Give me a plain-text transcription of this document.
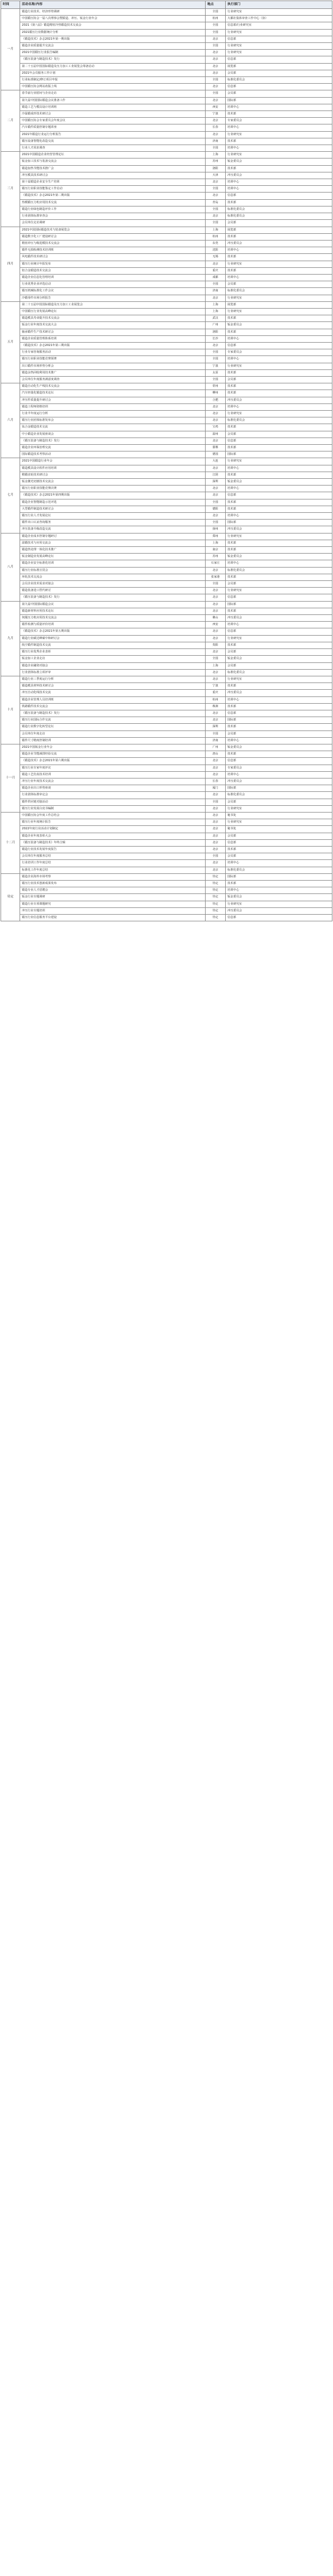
时间	活动名称/内容	地点	执行部门
一月	锻造行业技术、经济形势调研	全国	行业研究室
	中国锻压协会一届八次理事会暨锻造、冲压、钣金行业年会	杭州	大都社集体审查工作中心（协）
	2021《第八届》锻造精密冷热锻造技术交流会	全国	信息部/行业研究室
	2021锻压行业数据统计分析	全国	行业研究室
	《锻造技术》杂志2021年第一期出版	北京	信息部
	锻造企业质量提升交流会	全国	行业研究室
	2021中国锻压行业报告编制	北京	行业研究室
	《锻压装备与制造技术》发行	北京	信息部
	第二十五届中国国际锻造及压力加工工业展览会筹备启动	北京	展览部
	2021年会员服务工作计划	北京	会员部
	行业标准制定/修订项目申报	全国	标准化委员会
	中国锻压协会网站改版上线	北京	信息部
二月	春节前行业慰问与企业走访	全国	会员部
	第九届中国国际锻造会议准备工作	北京	国际部
	锻造工艺与模具设计培训班	西安	培训中心
	冷温锻成形技术研讨会	宁波	技术部
	中国锻压协会专家委员会年度会议	北京	专家委员会
	汽车锻件质量控制专题讲座	长春	培训中心
	2021年锻造行业运行分析报告	北京	行业研究室
	锻压设备智能化改造交流	济南	技术部
	行业人才需求调查	全国	培训中心
三月	2021中国锻造企业经营管理论坛	上海	行业研究室
	钣金加工技术与装备交流会	苏州	钣金委员会
	锻造加热节能技术推广会	洛阳	技术部
	冲压模具技术研讨会	天津	冲压委员会
	第十届锻造企业安全生产培训	北京	培训中心
	锻压行业职业技能鉴定工作启动	全国	培训中心
	《锻造技术》杂志2021年第二期出版	北京	信息部
	热模锻压力机应用技术交流	青岛	技术部
	锻造行业绿色制造评价工作	全国	标准化委员会
	行业团体标准审查会	北京	标准化委员会
	会员单位走访调研	全国	会员部
四月	2021中国国际锻造技术与装备展览会	上海	展览部
	锻造数字化工厂建设研讨会	杭州	技术部
	精密冲压与级进模技术交流会	东莞	冲压委员会
	锻件无损检测技术培训班	沈阳	培训中心
	风电锻件技术研讨会	无锡	技术部
	锻压行业统计年报发布	北京	行业研究室
	铝合金锻造技术交流会	重庆	技术部
	锻造企业信息化管理培训	成都	培训中心
	行业优秀企业评选启动	全国	会员部
	锻压机械标准化工作会议	济南	标准化委员会
	冷锻零件市场分析报告	北京	行业研究室
五月	第二十五届中国国际锻造及压力加工工业展览会	上海	展览部
	中国锻压行业发展高峰论坛	上海	行业研究室
	锻造模具寿命提升技术交流会	武汉	技术部
	钣金行业年度技术交流大会	广州	钣金委员会
	轴承锻件生产技术研讨会	洛阳	技术部
	锻造企业质量管理体系培训	长沙	培训中心
	《锻造技术》杂志2021年第三期出版	北京	信息部
	行业专家咨询服务活动	全国	专家委员会
	锻压行业职业技能竞赛预赛	全国	培训中心
	出口锻件市场形势分析会	宁波	行业研究室
	锻造余热回收利用技术推广	太原	技术部
	会员单位年度服务满意度调查	全国	会员部
六月	锻造自动化生产线技术交流会	常州	技术部
	汽车轻量化锻造技术论坛	柳州	技术部
	冲压件质量提升研讨会	合肥	冲压委员会
	锻造工程师资格培训	北京	培训中心
	行业半年度运行分析	北京	行业研究室
	锻压行业团体标准发布会	北京	标准化委员会
	钛合金锻造技术交流	宝鸡	技术部
	中小锻造企业发展座谈会	温州	会员部
	《锻压装备与制造技术》发行	北京	信息部
	锻造企业环保治理交流	邯郸	技术部
	国际锻造技术考察活动	德国	国际部
七月	2021中国锻造行业年会	大连	行业研究室
	锻造模具设计软件应用培训	北京	培训中心
	精锻齿轮技术研讨会	江阴	技术部
	钣金激光切割技术交流会	深圳	钣金委员会
	锻压行业职业技能竞赛决赛	北京	培训中心
	《锻造技术》杂志2021年第四期出版	北京	信息部
	锻造企业智能制造示范评选	全国	技术部
	大型锻件制造技术研讨会	德阳	技术部
	锻压行业人才发展论坛	北京	培训中心
	锻件出口认证咨询服务	全国	国际部
	冲压装备升级改造交流	扬州	冲压委员会
八月	锻造企业成本控制专题研讨	郑州	行业研究室
	温锻技术与应用交流会	上海	技术部
	锻造热处理一体化技术推广	南京	技术部
	钣金制造业发展高峰论坛	苏州	钣金委员会
	锻造企业安全标准化培训	石家庄	培训中心
	锻压行业标准宣贯会	北京	标准化委员会
	环轧技术交流会	张家港	技术部
	会员企业技术需求对接会	全国	会员部
	锻造装备进口替代研讨	北京	行业研究室
	《锻压装备与制造技术》发行	北京	信息部
九月	第九届中国国际锻造会议	北京	国际部
	锻造新材料应用技术论坛	北京	技术部
	伺服压力机应用技术交流会	佛山	冲压委员会
	锻件检测与质量评价培训	西安	培训中心
	《锻造技术》杂志2021年第五期出版	北京	信息部
	锻造行业碳达峰碳中和研讨会	北京	行业研究室
	航空锻件制造技术交流	贵阳	技术部
	锻压行业优秀企业表彰	北京	会员部
	钣金加工企业走访	全国	钣金委员会
	锻造企业融资对接会	上海	会员部
	行业团体标准立项评审	北京	标准化委员会
十月	锻造行业三季度运行分析	北京	行业研究室
	锻造模具材料技术研讨会	宁波	技术部
	冲压自动化线技术交流	重庆	冲压委员会
	锻造企业管理人员培训班	杭州	培训中心
	铁路锻件技术交流会	株洲	技术部
	《锻压装备与制造技术》发行	北京	信息部
	锻压行业国际合作交流	北京	国际部
	锻造行业数字化转型论坛	深圳	技术部
	会员单位年度走访	全国	会员部
	锻件尺寸精度控制培训	济南	培训中心
十一月	2021中国钣金行业年会	广州	钣金委员会
	锻造企业节能减排经验交流	唐山	技术部
	《锻造技术》杂志2021年第六期出版	北京	信息部
	锻压行业专家年度评议	北京	专家委员会
	锻造工艺仿真技术培训	北京	培训中心
	冲压行业年度技术交流会	长春	冲压委员会
	锻造企业出口形势座谈	厦门	国际部
	行业团体标准审定会	北京	标准化委员会
	锻件供应链对接活动	全国	会员部
	锻压行业发展白皮书编制	北京	行业研究室
十二月	中国锻压协会年度工作总结会	北京	秘书处
	锻压行业年度统计报告	北京	行业研究室
	2022年度行业活动计划制定	北京	秘书处
	锻造企业年度表彰大会	北京	会员部
	《锻压装备与制造技术》年终合辑	北京	信息部
	锻造行业技术发展年度报告	北京	技术部
	会员单位年度服务总结	全国	会员部
	行业培训工作年度总结	北京	培训中心
	标准化工作年度总结	北京	标准化委员会
待定	锻造企业海外市场考察	待定	国际部
	锻压行业技术创新成果发布	待定	技术部
	锻造专业人才招聘会	待定	培训中心
	钣金行业专题调研	待定	钣金委员会
	锻造行业专项课题研究	待定	行业研究室
	冲压行业专题培训	待定	冲压委员会
	锻压行业信息服务平台建设	待定	信息部
